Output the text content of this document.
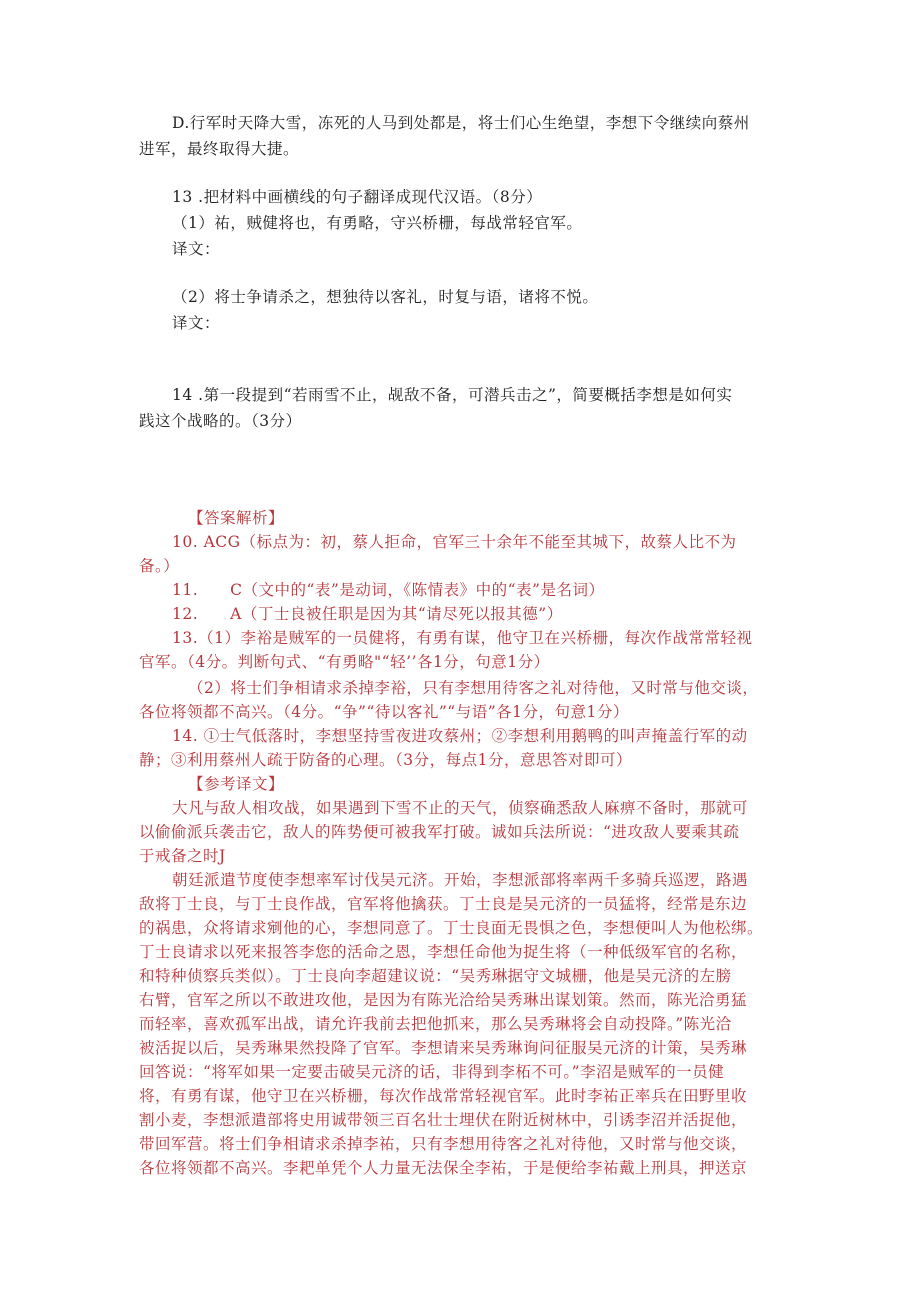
D.行军时天降大雪，冻死的人马到处都是，将士们心生绝望，李想下令继续向蔡州
进军，最终取得大捷。
13 .把材料中画横线的句子翻译成现代汉语。（8分）
（1）祐，贼健将也，有勇略，守兴桥栅，每战常轻官军。
译文：
（2）将士争请杀之，想独待以客礼，时复与语，诸将不悦。
译文：
14 .第一段提到“若雨雪不止，觇敌不备，可潜兵击之”，简要概括李想是如何实
践这个战略的。（3分）
【答案解析】
10. ACG（标点为：初，蔡人拒命，官军三十余年不能至其城下，故蔡人比不为
备。）
11.　　C（文中的“表”是动词，《陈情表》中的“表”是名词）
12.　　A（丁士良被任职是因为其“请尽死以报其德”）
13.（1）李裕是贼军的一员健将，有勇有谋，他守卫在兴桥栅，每次作战常常轻视
官军。（4分。判断句式、“有勇略"“轻’’各1分，句意1分）
（2）将士们争相请求杀掉李裕，只有李想用待客之礼对待他，又时常与他交谈，
各位将领都不高兴。（4分。“争”“待以客礼”“与语”各1分，句意1分）
14. ①士气低落时，李想坚持雪夜进攻蔡州；②李想利用鹅鸭的叫声掩盖行军的动
静；③利用蔡州人疏于防备的心理。（3分，每点1分，意思答对即可）
【参考译文】
大凡与敌人相攻战，如果遇到下雪不止的天气，侦察确悉敌人麻痹不备时，那就可
以偷偷派兵袭击它，敌人的阵势便可被我军打破。诚如兵法所说：“进攻敌人要乘其疏
于戒备之时J
朝廷派遣节度使李想率军讨伐吴元济。开始，李想派部将率两千多骑兵巡逻，路遇
敌将丁士良，与丁士良作战，官军将他擒获。丁士良是吴元济的一员猛将，经常是东边
的祸患，众将请求剜他的心，李想同意了。丁士良面无畏惧之色，李想便叫人为他松绑。
丁士良请求以死来报答李您的活命之恩，李想任命他为捉生将（一种低级军官的名称，
和特种侦察兵类似）。丁士良向李超建议说：“吴秀琳据守文城栅，他是吴元济的左膀
右臂，官军之所以不敢进攻他，是因为有陈光洽给吴秀琳出谋划策。然而，陈光洽勇猛
而轻率，喜欢孤军出战，请允许我前去把他抓来，那么吴秀琳将会自动投降。”陈光洽
被活捉以后，吴秀琳果然投降了官军。李想请来吴秀琳询问征服吴元济的计策，吴秀琳
回答说：“将军如果一定要击破吴元济的话，非得到李柘不可。”李沼是贼军的一员健
将，有勇有谋，他守卫在兴桥栅，每次作战常常轻视官军。此时李祐正率兵在田野里收
割小麦，李想派遣部将史用诚带领三百名壮士埋伏在附近树林中，引诱李沼并活捉他，
带回军营。将士们争相请求杀掉李祐，只有李想用待客之礼对待他，又时常与他交谈，
各位将领都不高兴。李耙单凭个人力量无法保全李祐，于是便给李祐戴上刑具，押送京
